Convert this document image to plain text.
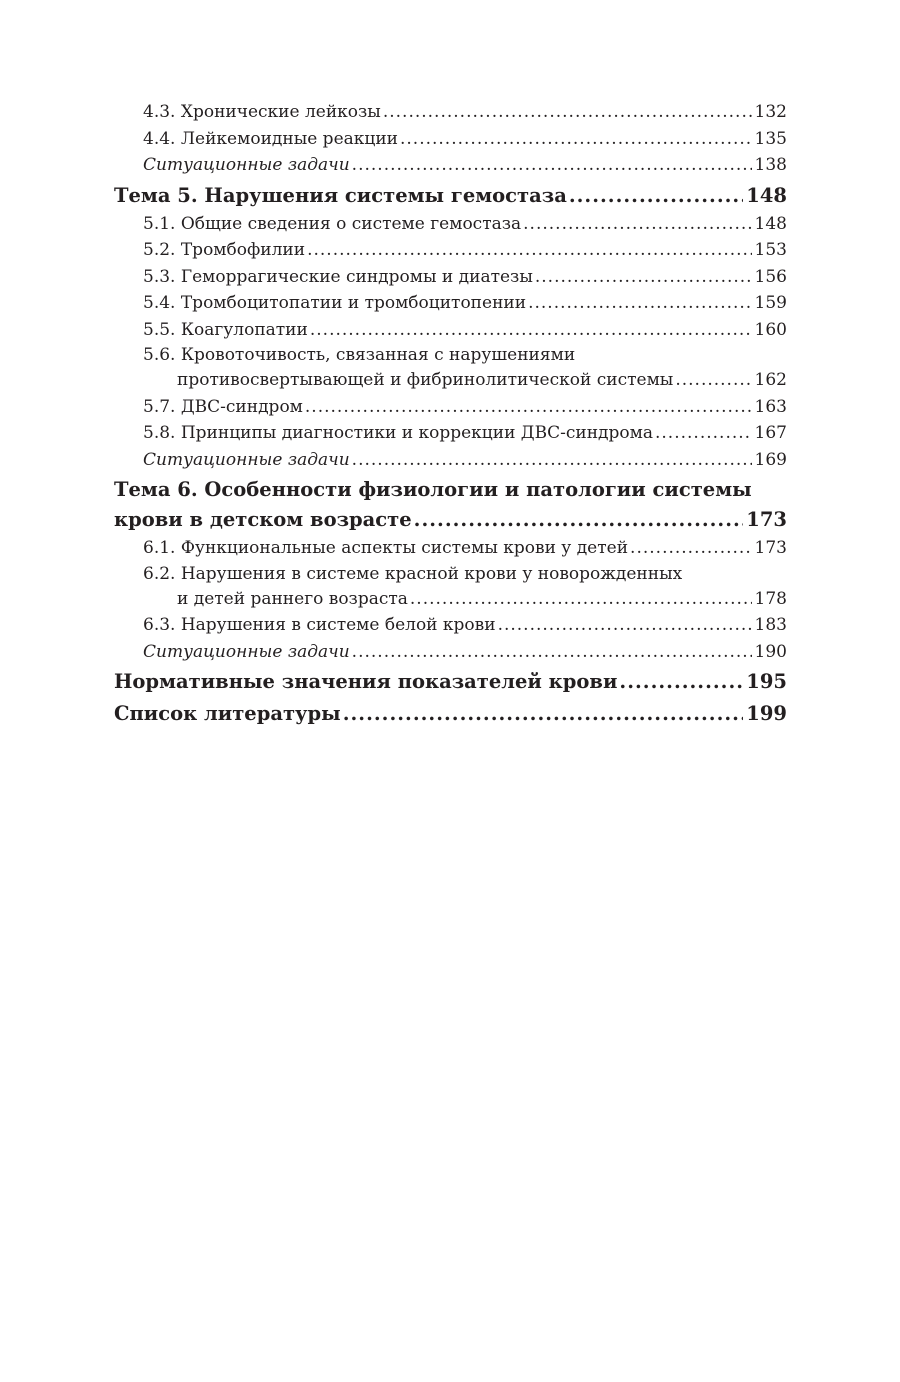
4.3. Хронические лейкозы .....	132
4.4. Лейкемоидные реакции .....	135
Ситуационные задачи .....	138
Тема 5. Нарушения системы гемостаза .....	148
5.1. Общие сведения о системе гемостаза .....	148
5.2. Тромбофилии .....	153
5.3. Геморрагические синдромы и диатезы .....	156
5.4. Тромбоцитопатии и тромбоцитопении .....	159
5.5. Коагулопатии .....	160
5.6. Кровоточивость, связанная с нарушениями
противосвертывающей и фибринолитической системы .....	162
5.7. ДВС-синдром .....	163
5.8. Принципы диагностики и коррекции ДВС-синдрома .....	167
Ситуационные задачи .....	169
Тема 6. Особенности физиологии и патологии системы
крови в детском возрасте .....	173
6.1. Функциональные аспекты системы крови у детей .....	173
6.2. Нарушения в системе красной крови у новорожденных
и детей раннего возраста .....	178
6.3. Нарушения в системе белой крови .....	183
Ситуационные задачи .....	190
Нормативные значения показателей крови .....	195
Список литературы .....	199
